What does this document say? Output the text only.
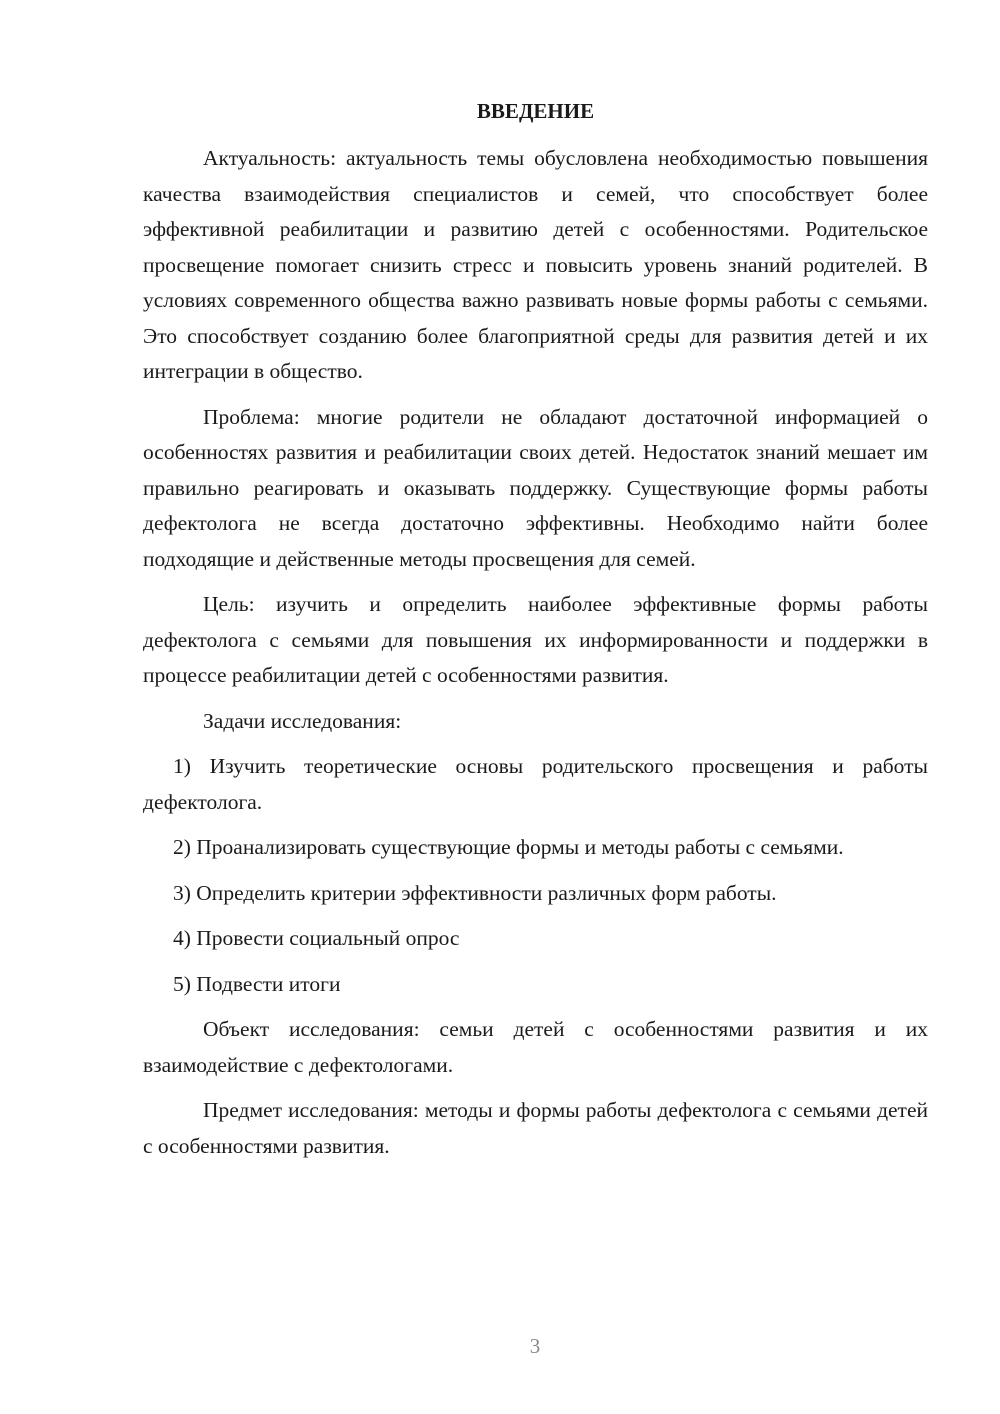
ВВЕДЕНИЕ

Актуальность: актуальность темы обусловлена необходимостью повышения качества взаимодействия специалистов и семей, что способствует более эффективной реабилитации и развитию детей с особенностями. Родительское просвещение помогает снизить стресс и повысить уровень знаний родителей. В условиях современного общества важно развивать новые формы работы с семьями. Это способствует созданию более благоприятной среды для развития детей и их интеграции в общество.

Проблема: многие родители не обладают достаточной информацией о особенностях развития и реабилитации своих детей. Недостаток знаний мешает им правильно реагировать и оказывать поддержку. Существующие формы работы дефектолога не всегда достаточно эффективны. Необходимо найти более подходящие и действенные методы просвещения для семей.

Цель: изучить и определить наиболее эффективные формы работы дефектолога с семьями для повышения их информированности и поддержки в процессе реабилитации детей с особенностями развития.

Задачи исследования:

1) Изучить теоретические основы родительского просвещения и работы дефектолога.

2) Проанализировать существующие формы и методы работы с семьями.

3) Определить критерии эффективности различных форм работы.

4) Провести социальный опрос

5) Подвести итоги

Объект исследования: семьи детей с особенностями развития и их взаимодействие с дефектологами.

Предмет исследования: методы и формы работы дефектолога с семьями детей с особенностями развития.

3
